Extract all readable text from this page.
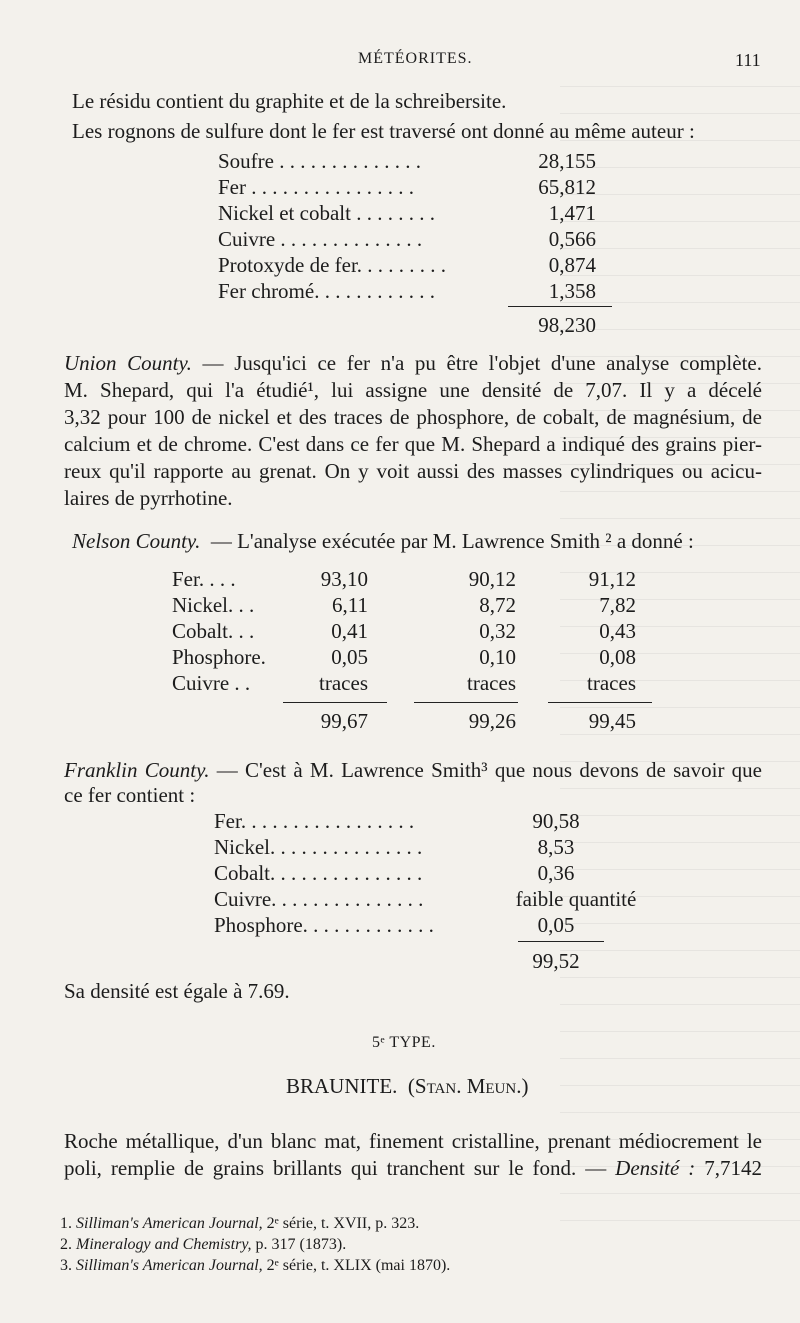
MÉTÉORITES.	111
Le résidu contient du graphite et de la schreibersite.
Les rognons de sulfure dont le fer est traversé ont donné au même auteur :
Soufre . . . . . . . . . . . . . .	28,155
Fer . . . . . . . . . . . . . . . .	65,812
Nickel et cobalt . . . . . . . .	1,471
Cuivre . . . . . . . . . . . . . .	0,566
Protoxyde de fer. . . . . . . . .	0,874
Fer chromé. . . . . . . . . . . .	1,358
98,230
Union County. — Jusqu'ici ce fer n'a pu être l'objet d'une analyse complète.
M. Shepard, qui l'a étudié¹, lui assigne une densité de 7,07. Il y a décelé
3,32 pour 100 de nickel et des traces de phosphore, de cobalt, de magnésium, de
calcium et de chrome. C'est dans ce fer que M. Shepard a indiqué des grains pier-
reux qu'il rapporte au grenat. On y voit aussi des masses cylindriques ou acicu-
laires de pyrrhotine.
Nelson County. — L'analyse exécutée par M. Lawrence Smith ² a donné :
Fer. . . .	93,10	90,12	91,12
Nickel. . .	6,11	8,72	7,82
Cobalt. . .	0,41	0,32	0,43
Phosphore.	0,05	0,10	0,08
Cuivre . .	traces	traces	traces
99,67	99,26	99,45
Franklin County. — C'est à M. Lawrence Smith³ que nous devons de savoir que
ce fer contient :
Fer. . . . . . . . . . . . . . . . .	90,58
Nickel. . . . . . . . . . . . . . .	8,53
Cobalt. . . . . . . . . . . . . . .	0,36
Cuivre. . . . . . . . . . . . . . .	faible quantité
Phosphore. . . . . . . . . . . . .	0,05
99,52
Sa densité est égale à 7.69.
5ᵉ TYPE.
BRAUNITE. (Stan. Meun.)
Roche métallique, d'un blanc mat, finement cristalline, prenant médiocrement le
poli, remplie de grains brillants qui tranchent sur le fond. — Densité : 7,7142
1. Silliman's American Journal, 2ᵉ série, t. XVII, p. 323.
2. Mineralogy and Chemistry, p. 317 (1873).
3. Silliman's American Journal, 2ᵉ série, t. XLIX (mai 1870).
